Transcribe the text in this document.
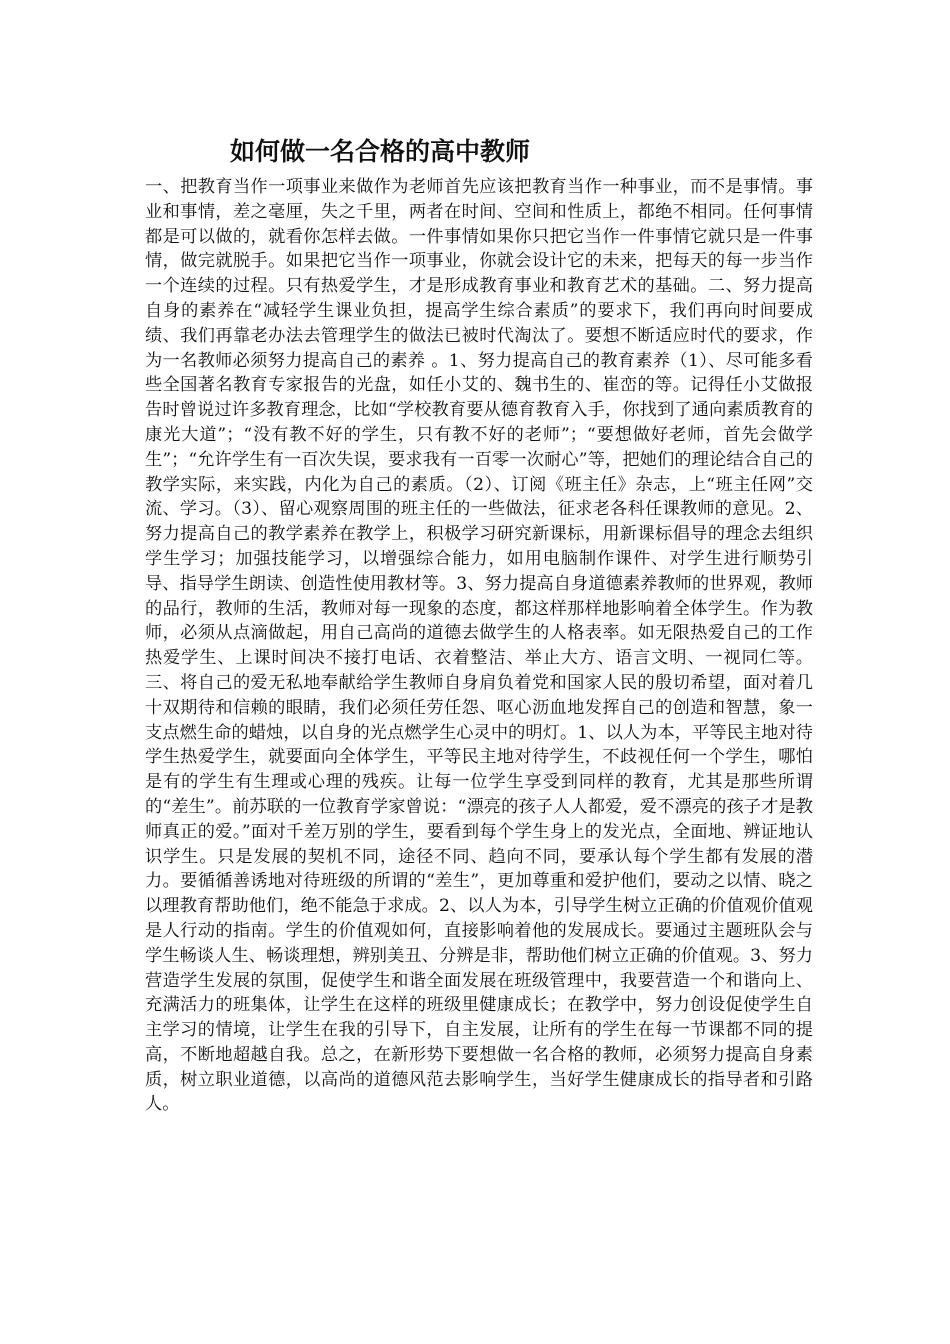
如何做一名合格的高中教师

一、把教育当作一项事业来做作为老师首先应该把教育当作一种事业，而不是事情。事业和事情，差之毫厘，失之千里，两者在时间、空间和性质上，都绝不相同。任何事情都是可以做的，就看你怎样去做。一件事情如果你只把它当作一件事情它就只是一件事情，做完就脱手。如果把它当作一项事业，你就会设计它的未来，把每天的每一步当作一个连续的过程。只有热爱学生，才是形成教育事业和教育艺术的基础。二、努力提高自身的素养在“减轻学生课业负担，提高学生综合素质”的要求下，我们再向时间要成绩、我们再靠老办法去管理学生的做法已被时代淘汰了。要想不断适应时代的要求，作为一名教师必须努力提高自己的素养 。1、努力提高自己的教育素养（1）、尽可能多看些全国著名教育专家报告的光盘，如任小艾的、魏书生的、崔峦的等。记得任小艾做报告时曾说过许多教育理念，比如“学校教育要从德育教育入手，你找到了通向素质教育的康光大道”；“没有教不好的学生，只有教不好的老师”；“要想做好老师，首先会做学生”；“允许学生有一百次失误，要求我有一百零一次耐心”等，把她们的理论结合自己的教学实际，来实践，内化为自己的素质。（2）、订阅《班主任》杂志，上“班主任网”交流、学习。（3）、留心观察周围的班主任的一些做法，征求老各科任课教师的意见。2、努力提高自己的教学素养在教学上，积极学习研究新课标，用新课标倡导的理念去组织学生学习；加强技能学习，以增强综合能力，如用电脑制作课件、对学生进行顺势引导、指导学生朗读、创造性使用教材等。3、努力提高自身道德素养教师的世界观，教师的品行，教师的生活，教师对每一现象的态度，都这样那样地影响着全体学生。作为教师，必须从点滴做起，用自己高尚的道德去做学生的人格表率。如无限热爱自己的工作热爱学生、上课时间决不接打电话、衣着整洁、举止大方、语言文明、一视同仁等。三、将自己的爱无私地奉献给学生教师自身肩负着党和国家人民的殷切希望，面对着几十双期待和信赖的眼睛，我们必须任劳任怨、呕心沥血地发挥自己的创造和智慧，象一支点燃生命的蜡烛，以自身的光点燃学生心灵中的明灯。1、以人为本，平等民主地对待学生热爱学生，就要面向全体学生，平等民主地对待学生，不歧视任何一个学生，哪怕是有的学生有生理或心理的残疾。让每一位学生享受到同样的教育，尤其是那些所谓的“差生”。前苏联的一位教育学家曾说：“漂亮的孩子人人都爱，爱不漂亮的孩子才是教师真正的爱。”面对千差万别的学生，要看到每个学生身上的发光点，全面地、辨证地认识学生。只是发展的契机不同，途径不同、趋向不同，要承认每个学生都有发展的潜力。要循循善诱地对待班级的所谓的“差生”，更加尊重和爱护他们，要动之以情、晓之以理教育帮助他们，绝不能急于求成。2、以人为本，引导学生树立正确的价值观价值观是人行动的指南。学生的价值观如何，直接影响着他的发展成长。要通过主题班队会与学生畅谈人生、畅谈理想，辨别美丑、分辨是非，帮助他们树立正确的价值观。3、努力营造学生发展的氛围，促使学生和谐全面发展在班级管理中，我要营造一个和谐向上、充满活力的班集体，让学生在这样的班级里健康成长；在教学中，努力创设促使学生自主学习的情境，让学生在我的引导下，自主发展，让所有的学生在每一节课都不同的提高，不断地超越自我。总之，在新形势下要想做一名合格的教师，必须努力提高自身素质，树立职业道德，以高尚的道德风范去影响学生，当好学生健康成长的指导者和引路人。
